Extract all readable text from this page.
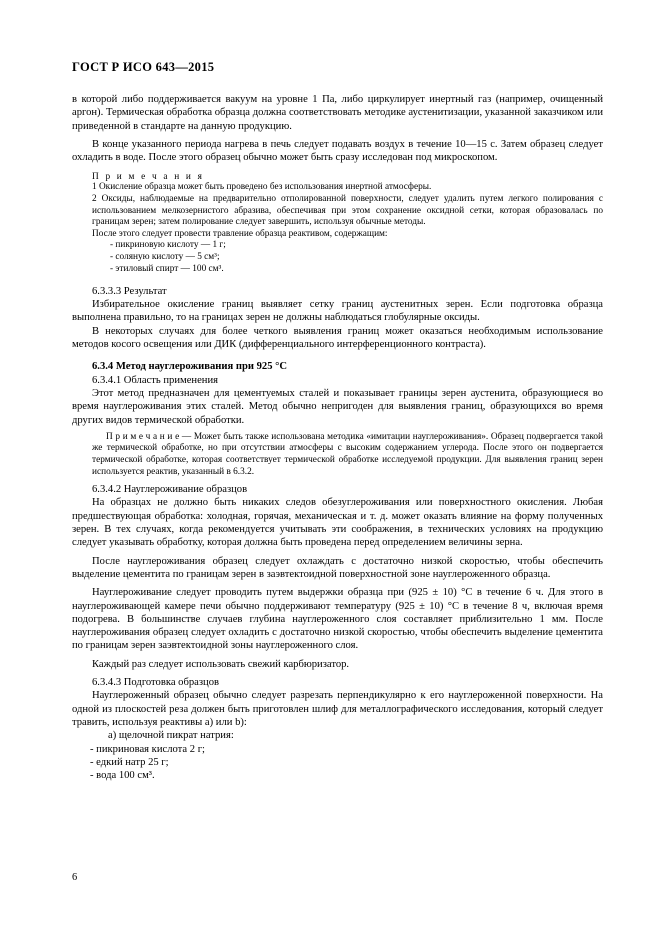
ГОСТ Р ИСО 643—2015
в которой либо поддерживается вакуум на уровне 1 Па, либо циркулирует инертный газ (например, очищенный аргон). Термическая обработка образца должна соответствовать методике аустенитизации, указанной заказчиком или приведенной в стандарте на данную продукцию.
В конце указанного периода нагрева в печь следует подавать воздух в течение 10—15 с. Затем образец следует охладить в воде. После этого образец обычно может быть сразу исследован под микроскопом.
П р и м е ч а н и я
1 Окисление образца может быть проведено без использования инертной атмосферы.
2 Оксиды, наблюдаемые на предварительно отполированной поверхности, следует удалить путем легкого полирования с использованием мелкозернистого абразива, обеспечивая при этом сохранение оксидной сетки, которая образовалась по границам зерен; затем полирование следует завершить, используя обычные методы.
После этого следует провести травление образца реактивом, содержащим:
- пикриновую кислоту — 1 г;
- соляную кислоту — 5 см³;
- этиловый спирт — 100 см³.
6.3.3.3 Результат
Избирательное окисление границ выявляет сетку границ аустенитных зерен. Если подготовка образца выполнена правильно, то на границах зерен не должны наблюдаться глобулярные оксиды.
В некоторых случаях для более четкого выявления границ может оказаться необходимым использование методов косого освещения или ДИК (дифференциального интерференционного контраста).
6.3.4 Метод науглероживания при 925 °С
6.3.4.1 Область применения
Этот метод предназначен для цементуемых сталей и показывает границы зерен аустенита, образующиеся во время науглероживания этих сталей. Метод обычно непригоден для выявления границ, образующихся во время других видов термической обработки.
П р и м е ч а н и е — Может быть также использована методика «имитации науглероживания». Образец подвергается такой же термической обработке, но при отсутствии атмосферы с высоким содержанием углерода. После этого он подвергается термической обработке, которая соответствует термической обработке исследуемой продукции. Для выявления границ зерен используется реактив, указанный в 6.3.2.
6.3.4.2 Науглероживание образцов
На образцах не должно быть никаких следов обезуглероживания или поверхностного окисления. Любая предшествующая обработка: холодная, горячая, механическая и т. д. может оказать влияние на форму полученных зерен. В тех случаях, когда рекомендуется учитывать эти соображения, в технических условиях на продукцию следует указывать обработку, которая должна быть проведена перед определением величины зерна.
После науглероживания образец следует охлаждать с достаточно низкой скоростью, чтобы обеспечить выделение цементита по границам зерен в заэвтектоидной поверхностной зоне науглероженного образца.
Науглероживание следует проводить путем выдержки образца при (925 ± 10) °С в течение 6 ч. Для этого в науглероживающей камере печи обычно поддерживают температуру (925 ± 10) °С в течение 8 ч, включая время подогрева. В большинстве случаев глубина науглероженного слоя составляет приблизительно 1 мм. После науглероживания образец следует охладить с достаточно низкой скоростью, чтобы обеспечить выделение цементита по границам зерен заэвтектоидной зоны науглероженного слоя.
Каждый раз следует использовать свежий карбюризатор.
6.3.4.3 Подготовка образцов
Науглероженный образец обычно следует разрезать перпендикулярно к его науглероженной поверхности. На одной из плоскостей реза должен быть приготовлен шлиф для металлографического исследования, который следует травить, используя реактивы a) или b):
a) щелочной пикрат натрия:
- пикриновая кислота 2 г;
- едкий натр 25 г;
- вода 100 см³.
6
